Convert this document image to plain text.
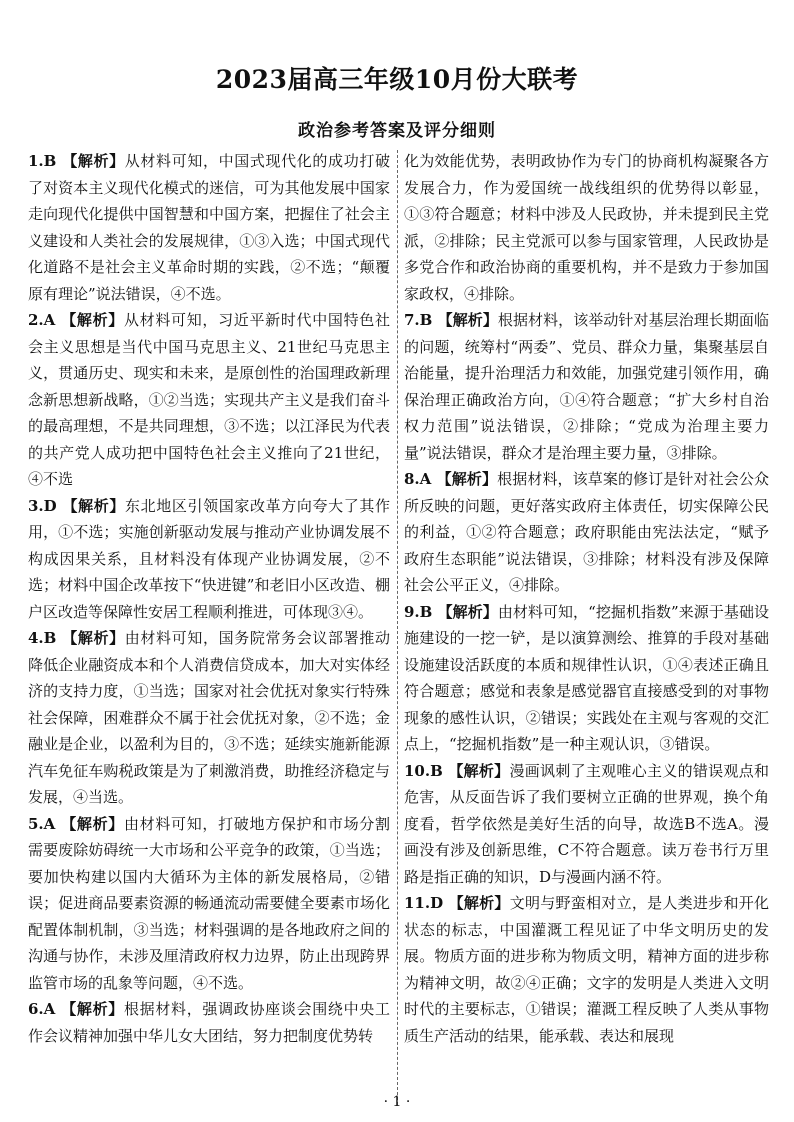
2023届高三年级10月份大联考
政治参考答案及评分细则

1.B 【解析】从材料可知，中国式现代化的成功打破了对资本主义现代化模式的迷信，可为其他发展中国家走向现代化提供中国智慧和中国方案，把握住了社会主义建设和人类社会的发展规律，①③入选；中国式现代化道路不是社会主义革命时期的实践，②不选；“颠覆原有理论”说法错误，④不选。

2.A 【解析】从材料可知，习近平新时代中国特色社会主义思想是当代中国马克思主义、21世纪马克思主义，贯通历史、现实和未来，是原创性的治国理政新理念新思想新战略，①②当选；实现共产主义是我们奋斗的最高理想，不是共同理想，③不选；以江泽民为代表的共产党人成功把中国特色社会主义推向了21世纪，④不选

3.D 【解析】东北地区引领国家改革方向夸大了其作用，①不选；实施创新驱动发展与推动产业协调发展不构成因果关系，且材料没有体现产业协调发展，②不选；材料中国企改革按下“快进键”和老旧小区改造、棚户区改造等保障性安居工程顺利推进，可体现③④。

4.B 【解析】由材料可知，国务院常务会议部署推动降低企业融资成本和个人消费信贷成本，加大对实体经济的支持力度，①当选；国家对社会优抚对象实行特殊社会保障，困难群众不属于社会优抚对象，②不选；金融业是企业，以盈利为目的，③不选；延续实施新能源汽车免征车购税政策是为了刺激消费，助推经济稳定与发展，④当选。

5.A 【解析】由材料可知，打破地方保护和市场分割需要废除妨碍统一大市场和公平竞争的政策，①当选；要加快构建以国内大循环为主体的新发展格局，②错误；促进商品要素资源的畅通流动需要健全要素市场化配置体制机制，③当选；材料强调的是各地政府之间的沟通与协作，未涉及厘清政府权力边界，防止出现跨界监管市场的乱象等问题，④不选。

6.A 【解析】根据材料，强调政协座谈会围绕中央工作会议精神加强中华儿女大团结，努力把制度优势转

化为效能优势，表明政协作为专门的协商机构凝聚各方发展合力，作为爱国统一战线组织的优势得以彰显，①③符合题意；材料中涉及人民政协，并未提到民主党派，②排除；民主党派可以参与国家管理，人民政协是多党合作和政治协商的重要机构，并不是致力于参加国家政权，④排除。

7.B 【解析】根据材料，该举动针对基层治理长期面临的问题，统筹村“两委”、党员、群众力量，集聚基层自治能量，提升治理活力和效能，加强党建引领作用，确保治理正确政治方向，①④符合题意；“扩大乡村自治权力范围”说法错误，②排除；“党成为治理主要力量”说法错误，群众才是治理主要力量，③排除。

8.A 【解析】根据材料，该草案的修订是针对社会公众所反映的问题，更好落实政府主体责任，切实保障公民的利益，①②符合题意；政府职能由宪法法定，“赋予政府生态职能”说法错误，③排除；材料没有涉及保障社会公平正义，④排除。

9.B 【解析】由材料可知，“挖掘机指数”来源于基础设施建设的一挖一铲，是以演算测绘、推算的手段对基础设施建设活跃度的本质和规律性认识，①④表述正确且符合题意；感觉和表象是感觉器官直接感受到的对事物现象的感性认识，②错误；实践处在主观与客观的交汇点上，“挖掘机指数”是一种主观认识，③错误。

10.B 【解析】漫画讽刺了主观唯心主义的错误观点和危害，从反面告诉了我们要树立正确的世界观，换个角度看，哲学依然是美好生活的向导，故选B不选A。漫画没有涉及创新思维，C不符合题意。读万卷书行万里路是指正确的知识，D与漫画内涵不符。

11.D 【解析】文明与野蛮相对立，是人类进步和开化状态的标志，中国灌溉工程见证了中华文明历史的发展。物质方面的进步称为物质文明，精神方面的进步称为精神文明，故②④正确；文字的发明是人类进入文明时代的主要标志，①错误；灌溉工程反映了人类从事物质生产活动的结果，能承载、表达和展现

· 1 ·
